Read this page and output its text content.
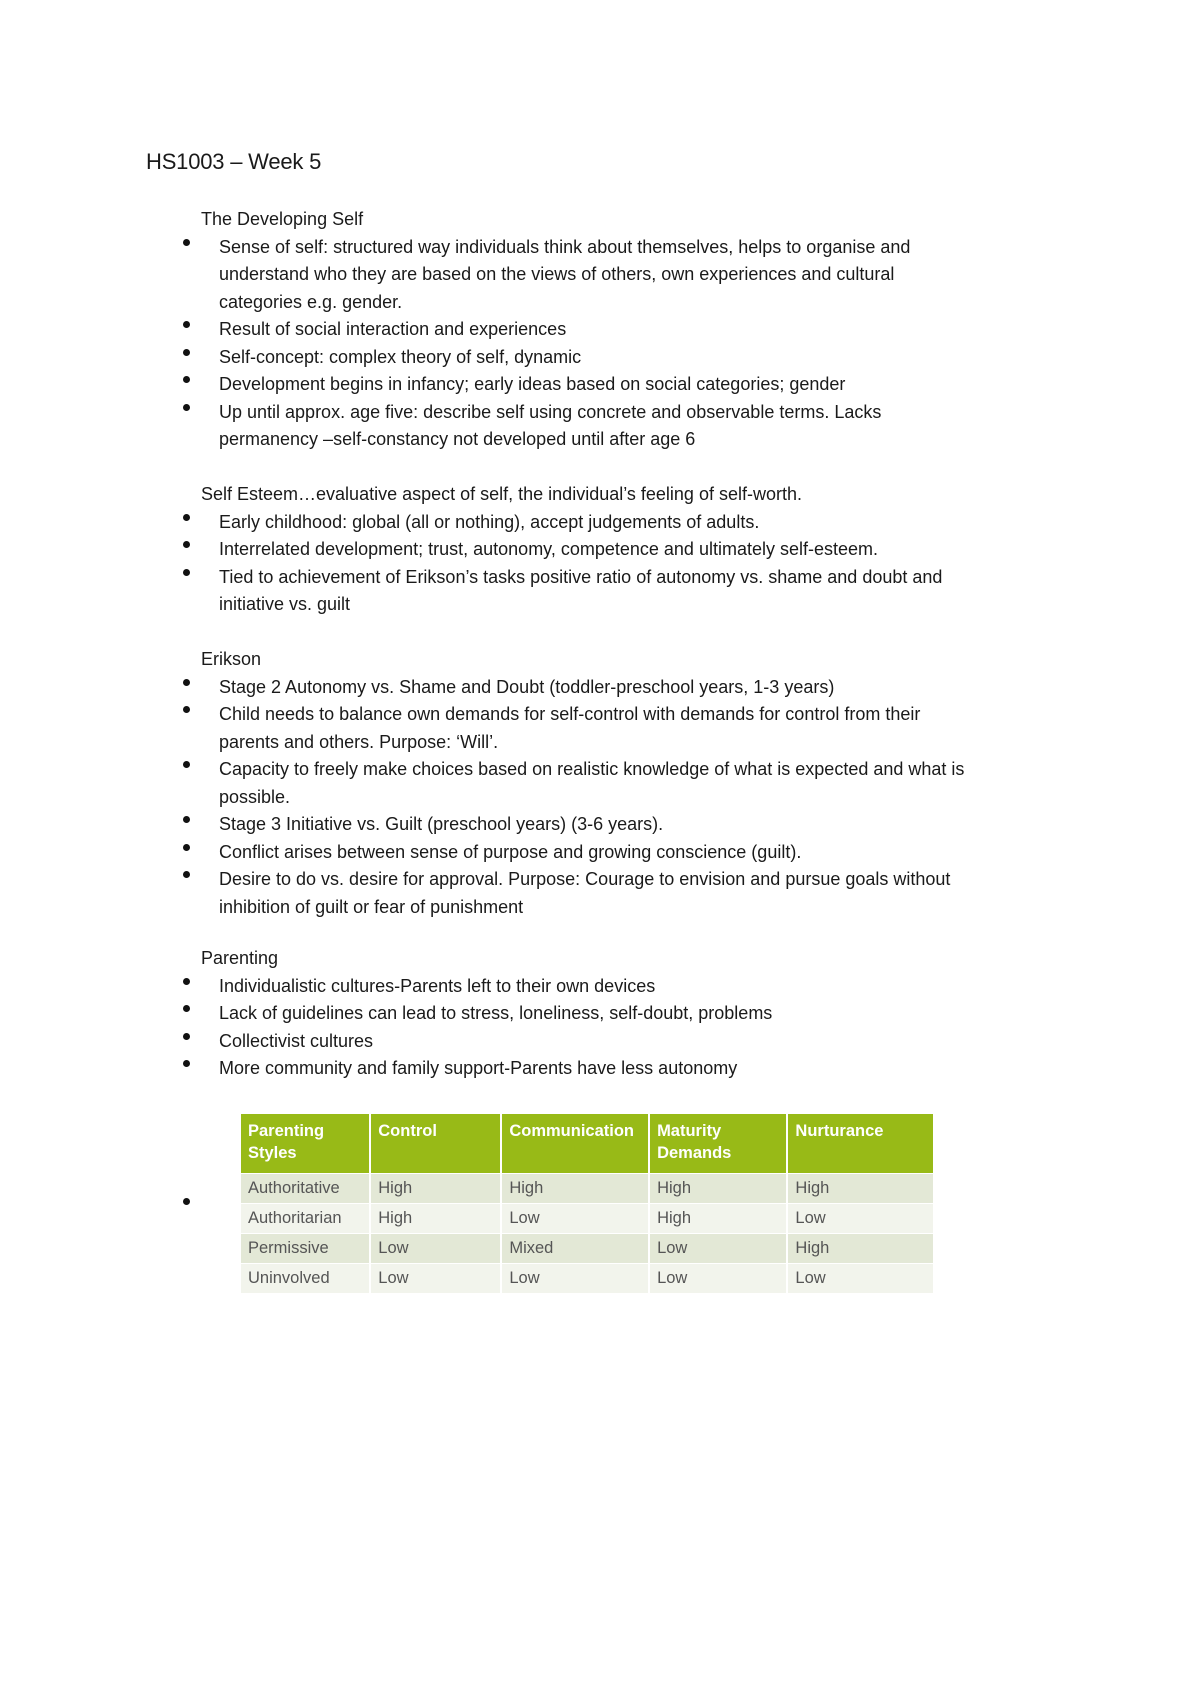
HS1003 – Week 5
The Developing Self
Sense of self: structured way individuals think about themselves, helps to organise and
understand who they are based on the views of others, own experiences and cultural
categories e.g. gender.
Result of social interaction and experiences
Self-concept: complex theory of self, dynamic
Development begins in infancy; early ideas based on social categories; gender
Up until approx. age five: describe self using concrete and observable terms. Lacks
permanency –self-constancy not developed until after age 6
Self Esteem…evaluative aspect of self, the individual’s feeling of self-worth.
Early childhood: global (all or nothing), accept judgements of adults.
Interrelated development; trust, autonomy, competence and ultimately self-esteem.
Tied to achievement of Erikson’s tasks positive ratio of autonomy vs. shame and doubt and
initiative vs. guilt
Erikson
Stage 2 Autonomy vs. Shame and Doubt (toddler-preschool years, 1-3 years)
Child needs to balance own demands for self-control with demands for control from their
parents and others. Purpose: ‘Will’.
Capacity to freely make choices based on realistic knowledge of what is expected and what is
possible.
Stage 3 Initiative vs. Guilt (preschool years) (3-6 years).
Conflict arises between sense of purpose and growing conscience (guilt).
Desire to do vs. desire for approval. Purpose: Courage to envision and pursue goals without
inhibition of guilt or fear of punishment
Parenting
Individualistic cultures-Parents left to their own devices
Lack of guidelines can lead to stress, loneliness, self-doubt, problems
Collectivist cultures
More community and family support-Parents have less autonomy
Parenting Styles	Control	Communication	Maturity Demands	Nurturance
Authoritative	High	High	High	High
Authoritarian	High	Low	High	Low
Permissive	Low	Mixed	Low	High
Uninvolved	Low	Low	Low	Low
